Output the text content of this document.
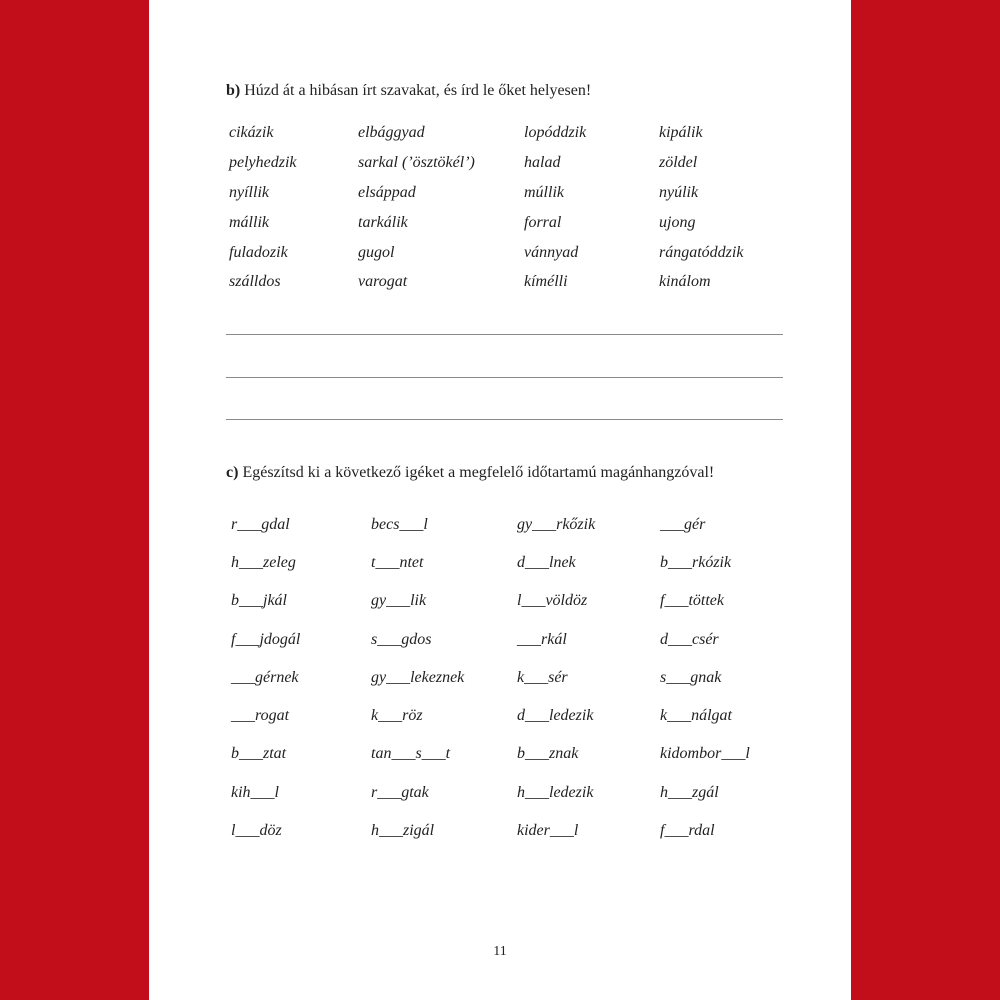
b) Húzd át a hibásan írt szavakat, és írd le őket helyesen!
cikázik
pelyhedzik
nyíllik
mállik
fuladozik
szálldos
elbággyad
sarkal (’ösztökél’)
elsáppad
tarkálik
gugol
varogat
lopóddzik
halad
múllik
forral
vánnyad
kímélli
kipálik
zöldel
nyúlik
ujong
rángatóddzik
kinálom
c) Egészítsd ki a következő igéket a megfelelő időtartamú magánhangzóval!
r___gdal
h___zeleg
b___jkál
f___jdogál
___gérnek
___rogat
b___ztat
kih___l
l___döz
becs___l
t___ntet
gy___lik
s___gdos
gy___lekeznek
k___röz
tan___s___t
r___gtak
h___zigál
gy___rkőzik
d___lnek
l___völdöz
___rkál
k___sér
d___ledezik
b___znak
h___ledezik
kider___l
___gér
b___rkózik
f___töttek
d___csér
s___gnak
k___nálgat
kidombor___l
h___zgál
f___rdal
11
